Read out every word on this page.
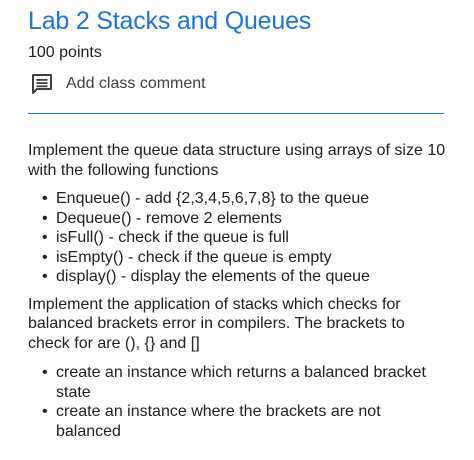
Lab 2 Stacks and Queues
100 points
Add class comment

Implement the queue data structure using arrays of size 10 with the following functions

• Enqueue() - add {2,3,4,5,6,7,8} to the queue
• Dequeue() - remove 2 elements
• isFull() - check if the queue is full
• isEmpty() - check if the queue is empty
• display() - display the elements of the queue

Implement the application of stacks which checks for balanced brackets error in compilers. The brackets to check for are (), {} and []

• create an instance which returns a balanced bracket state
• create an instance where the brackets are not balanced
